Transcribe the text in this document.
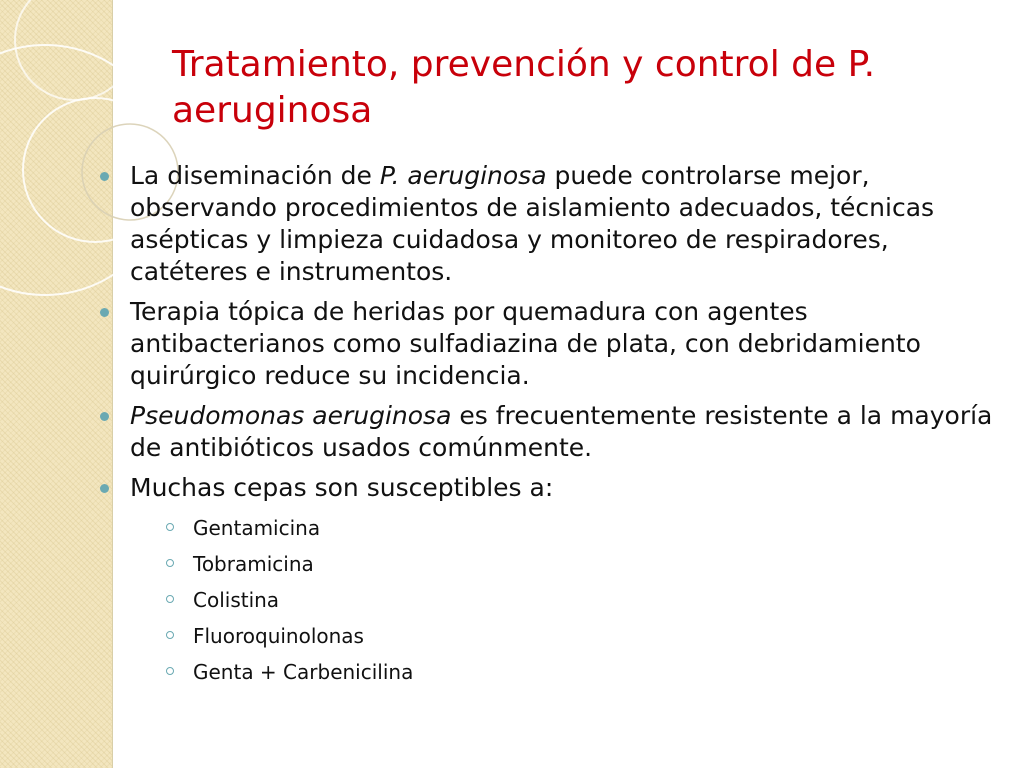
Tratamiento, prevención y control de P. aeruginosa
La diseminación de P. aeruginosa puede controlarse mejor, observando procedimientos de aislamiento adecuados, técnicas asépticas y limpieza cuidadosa y monitoreo de respiradores, catéteres e instrumentos.
Terapia tópica de heridas por quemadura con agentes antibacterianos como sulfadiazina de plata, con debridamiento quirúrgico reduce su incidencia.
Pseudomonas aeruginosa es frecuentemente resistente a la mayoría de antibióticos usados comúnmente.
Muchas cepas son susceptibles a:
Gentamicina
Tobramicina
Colistina
Fluoroquinolonas
Genta + Carbenicilina
